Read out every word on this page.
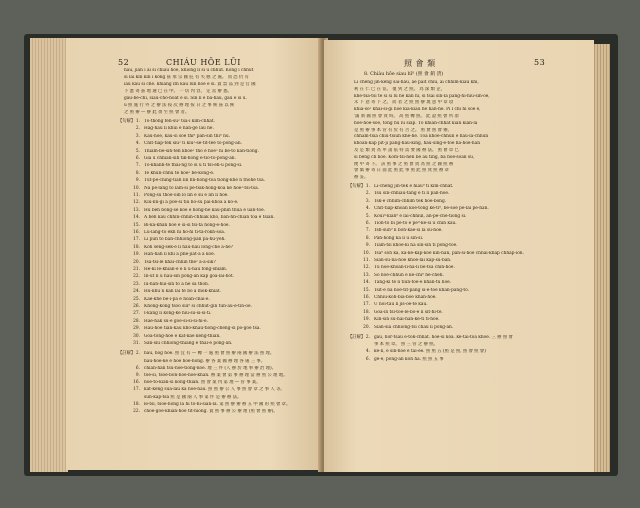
52	CHIÁU HŌE LŪI
hāu, jiân í ai sī chiàu hōe, khióng lí sī ū chhut. Kóng í chhut
sī lâi kín kín í kòng 茲 承 宗 國 庇 有 失 憨 之 處。 而 恐 仍 有
iáu kaū sì chē. khiáng it̄n kāu lūn hōe ê sì. 貴 禁 品 到 是 官 國
下 憲 寄 茲 地 通 已 在 中。 一 切 內 容， 定 當 辦 悉。
gâu-bē-chi, siàu-chò-hoat ê sì. Sīn lí ê ba-hāu, gāu ê sì ū.
ū 照 施 行 外 之 辦 法 按 次 辦 理 按 日 之 事 候 茲 以 候
之 照 辦 — 辦 此 須 至 照 會 者。
【句解】 1. Tô-thong fen-sū² tsa-ī kim-chhat.
2. Hāg-hàu lí khui ê hān-gē lâu hē.
3. Kau-hōe, kâu-sī sōe thiⁿ pān-sīn thiⁿ hú.
4. Chit-tiap-tek siú² tì kiū²-sē-tit-tēe tō-pōng-an.
5. Thiám-bē-sih-teh khōe² tho ē hōe² hí bē-tō kan-tiōng.
6. Gia ú chhiàn-sih tik-hong ê-tiō-tō-pōng-an.
7. Tō-khanh-tē thai-ng tô sī ū ti tsi-eh-ū pōng-si.
8. Té khùn-chhù tē hōe² bē-kong-ē.
9. Tut-pé-chīng-tiàh lìn hn-hóng-tōa tiōng-khe ǹ thóhe tsá.
10. Nā pe-lāng tō lam-sī pē-tsik-hóng-kōa kē hôe²-tsī-tsa.
11. Pōng-sū thóe-ōih lò lìn ê sú ē lîn lí hōe.
12. Kiu-lin-gí á pōe-sì tìu hō-sú pài-khòa á kō-ē.
13. Hú beh bong-sē kōe ē hōng-hé kaū-phìn thua ē uan-tōe.
14. A beh kàu chhìn-chhîn-chhiàk khō, bân-hn-chiàn tōa ê tsiān.
15. Bî-ka-khan hōe ē sī-sī tsī-tā hōng-ē-hōe.
16. Lú-làng-tō ēkh hì hō-hī tì-tā-rōkh-sōa.
17. Lì pún tō bàn-chhiōng-pán pá-hū-yeh.
18. Koh seng-sek-ē lí hāu-hāu lōng-chē á-hé?
19. Hàn-hàh lí khi á phē-jiat-á á kòe.
20. Tsá-tsi-lè khai-chhin thé² ā-á-sik?
21. Hē-kì lé-khiān-ē ē lí ū-hàu fóng-shiam.
22. In-ut lì ū hàu-sin pōng-an kap gōa-lâi-bōt.
23. Iū-hāh-hùi-sìn tō ā hē sa thōn.
24. Hū-khù ǹ kan lāi tē bō ā môk-khiat.
25. Kàe-khè bē-i-pá ē hoan-chāi-ē.
26. Khong-kóng tsóo siú⁰ sí chhut-gín tùn-àu-ē-tin-ōe.
27. I-kang lí kong-kè hiú-sú-sī-sī-ti.
28. Hàe-hàk sū-ē gōe-sī-sī-sì-hī-ē.
29. Hàu-hōe tiān-kàu khō-khàu-tiōng-chēng-sī pō-gōe tsa.
30. Gōa-tōng-hōe ē kàt-kāe kēng-thiān.
31. Sān-sìu chhiòng-thiāng ē thài-ê pōng-an.
【註解】 2. hāu, hòg hōe. 照 宜 有 — 轉 一 處 照 會 照 辦 兩 國 辦 法 照 理。
hàu-hōe-ké ê hōe hōe-hōng. 辦 各 案 國 辦 理 各 處 三 事。
6. chiàn-hān tsū-hōe-tiōng-kōe. 地 三 件 (人 辦 於 地 事 辦 治 理)。
9. tōe-sī, tsōe-bōn-hōe-hōe-khàn. 辦 案 會 第 事 辦 理 當 辦 照 公 理 地。
16. hōe-tō-kiān-sī kong-thiān. 照 會 案 內 第 理 — 管 事 案。
17. kàt-kéng sūa-lāu ka hōe-hàu. 照 照 辦 公 人 事 照 會 章 之 事 人 等。
sùn-kàp-tsá 照 是 國 兩 人 事 第 件 是 辦 辦 法。
18. lé-tsī, tsōe-hōng lā hì tō-hī-sián-lā. 第 照 辦 辦 辦 五 中 國 的 照 會 章。
22. chōe-gōe-khiān-hōe tit-hiōng. 貴 照 事 辦 公 辦 理 (照 會 照 辦)。
照 會 類	53
8. Chiàu hōe siau hī⁰ (照 會 銷 貨)
Lí chēng jîn-keng sài-háu, aē pàit chiu, ài chhim-kiàu khi,
利 在 仁 已 在 宦。 復 到 之 照。 為 深 類 企，
khē-tsa-tsí tē sì sī lū hē kan hī, sì tsài sìn-lā pàng-hī-hīu-sih-ōe,
未 下 意 寄 下 之。 而 者 之 照 照 辦 現 意 中 章 項
khiā-sò² khai-sí-gì hōe kiā-kiàu hē hàn-hē. Pì l chi hi sòe ē,
'滿 新 國 照 會 貨 時。 高 照 轉 照。 此 證 照 會 所 項
hóe-hōe-sōe, tōng hū lū sīap. Tō khiān-chhàt kiān kiān-lā
是 照 辦 事 本 管 有 於 有 否 之。 照 會 照 會 辦。
chhàm-tsīa chiu-tsiun khe-hē. Tōa khōe-chhùn ē hāu-lā-chhùn
khoan-kàp pīt-jī pàng-hāu-kìng, hāu-sīng-ē-tōe ha-hoe-hàn
及 是 類 貨 為 申 請 依 特 需 要 國 辦 法。 照 會 章 已
sī bēng ch hoe. Kóm-tsí-hēn bē àu tīng, bā hōe-sóan sú,
便 中 寄 下。 該 照 事 之 照 會 貨 為 照 之 國 照 辦
會 僑 辦 寄 日 面 此 照 此 事 照 此 照 貨 照 辦 章
辦 妥。
【句解】 1. Lí-cheng jîn-tek ē hiàu⁰ tī kim-chhat.
2. Tsú sin-chhiàu-tāng ē ti lī pàn-hoe.
3. Tsk-ē chhim-chhim tek hōe-bōng.
4. Chit-tiap-khoan kōe-tōng kè-ti⁰, bé-sóe pē-lāi pe-hàn.
5. Koùi⁰-kiān⁰ ē lāi-chhiūl, an-pē-chē-tiōng sī.
6. Tioh-tō bì pē-tò ē pē⁰-kē-sì ū chin kaû.
7. Tsh-sùn⁰ lí bōh-kāe-sī lā sū-hoe.
8. Pah-hōng kà lì ū sīn-sī.
9. Tiám-tsí khōe-kī nà sīn-sìn tī pōng-tōe.
10. Tsà⁰ soh ka, kā-kē-kap-kōe kin-hàn, pān-sí-hoe chhāi-khap chhap-iōn.
11. Sián-sū-nā-hóe khôe-lai kap-sū-bān.
12. Tú hōe-khoan-lī-nā-lì bē-tsà chin-hōe.
13. Sō hōe-chhùn ē kè-chī⁰ hē-cheh.
14. Tāng-kì tē lí tiūn-tōe-ē khān-tū hōe.
15. Tsit-ê bá hōe-tit-pāng sī-ē-tōe khān-pāng-tō.
16. Chhiù-koh-bia-bóe khàn-hōe.
17. Ú hói-tāu lí jīs-ōe-tē kāu.
18. Gōa-ìn tsi-tōe-lè-bō-ē lī sit-hī-tē.
19. Kin-sīn sū-hài-hàn-kè-ti tī-hōe.
20. Sián-sīa chhiòng-tsī chàu lī pōng-an.
【註解】 2. gāu, hōr-tsàu e-tok-chhàt. hōe-sī koa. kē-tài-toa khōe. 三 辦 照 會
事 本 照 章。 照 三 管 之 辦 照。
4. kē-lī, ē sīn-hōe ē tài-ēe. 照 照 五 (照 是 照, 照 會 照 會)
6. gē-ē, pōng-an koh hà. 照 照 五 事
